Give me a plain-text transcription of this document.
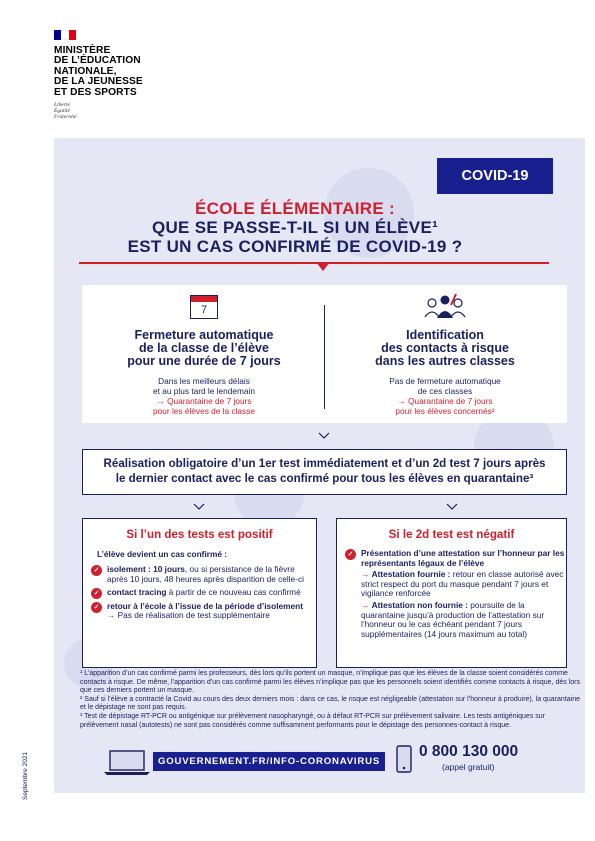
MINISTÈRE
DE L’ÉDUCATION
NATIONALE,
DE LA JEUNESSE
ET DES SPORTS
Liberté
Égalité
Fraternité
COVID-19
ÉCOLE ÉLÉMENTAIRE :
QUE SE PASSE-T-IL SI UN ÉLÈVE¹
EST UN CAS CONFIRMÉ DE COVID-19 ?
7
Fermeture automatique
de la classe de l’élève
pour une durée de 7 jours
Dans les meilleurs délais
et au plus tard le lendemain
→ Quarantaine de 7 jours
pour les élèves de la classe
Identification
des contacts à risque
dans les autres classes
Pas de fermeture automatique
de ces classes
→ Quarantaine de 7 jours
pour les élèves concernés²

Réalisation obligatoire d’un 1er test immédiatement et d’un 2d test 7 jours après
le dernier contact avec le cas confirmé pour tous les élèves en quarantaine³

Si l’un des tests est positif
L’élève devient un cas confirmé :
✓ isolement : 10 jours, ou si persistance de la fièvre après 10 jours, 48 heures après disparition de celle-ci
✓ contact tracing à partir de ce nouveau cas confirmé
✓ retour à l’école à l’issue de la période d’isolement
→ Pas de réalisation de test supplémentaire
Si le 2d test est négatif
✓ Présentation d’une attestation sur l’honneur par les représentants légaux de l’élève
→ Attestation fournie : retour en classe autorisé avec strict respect du port du masque pendant 7 jours et vigilance renforcée
→ Attestation non fournie : poursuite de la quarantaine jusqu’à production de l’attestation sur l’honneur ou le cas échéant pendant 7 jours supplémentaires (14 jours maximum au total)
¹ L’apparition d’un cas confirmé parmi les professeurs, dès lors qu’ils portent un masque, n’implique pas que les élèves de la classe soient considérés comme contacts à risque. De même, l’apparition d’un cas confirmé parmi les élèves n’implique pas que les personnels soient identifiés comme contacts à risque, dès lors que ces derniers portent un masque.
² Sauf si l’élève a contracté la Covid au cours des deux derniers mois : dans ce cas, le risque est négligeable (attestation sur l’honneur à produire), la quarantaine et le dépistage ne sont pas requis.
³ Test de dépistage RT-PCR ou antigénique sur prélèvement nasopharyngé, ou à défaut RT-PCR sur prélèvement salivaire. Les tests antigéniques sur prélèvement nasal (autotests) ne sont pas considérés comme suffisamment performants pour le dépistage des personnes-contact à risque.
Septembre 2021	GOUVERNEMENT.FR/INFO-CORONAVIRUS
0 800 130 000
(appel gratuit)
